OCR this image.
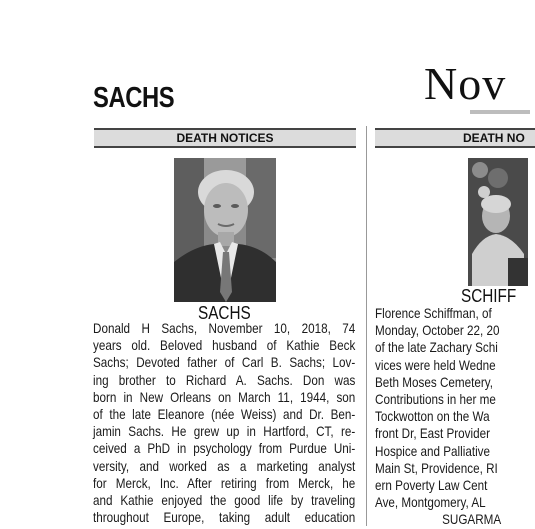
SACHS
DEATH NOTICES
SACHS
Donald H Sachs, November 10, 2018, 74
years old. Beloved husband of Kathie Beck
Sachs; Devoted father of Carl B. Sachs; Lov-
ing brother to Richard A. Sachs. Don was
born in New Orleans on March 11, 1944, son
of the late Eleanore (née Weiss) and Dr. Ben-
jamin Sachs. He grew up in Hartford, CT, re-
ceived a PhD in psychology from Purdue Uni-
versity, and worked as a marketing analyst
for Merck, Inc. After retiring from Merck, he
and Kathie enjoyed the good life by traveling
throughout Europe, taking adult education
Nov
DEATH NO
SCHIFF
Florence Schiffman, of
Monday, October 22, 20
of the late Zachary Schi
vices were held Wedne
Beth Moses Cemetery,
Contributions in her me
Tockwotton on the Wa
front Dr, East Provider
Hospice and Palliative
Main St, Providence, RI
ern Poverty Law Cent
Ave, Montgomery, AL
SUGARMA
